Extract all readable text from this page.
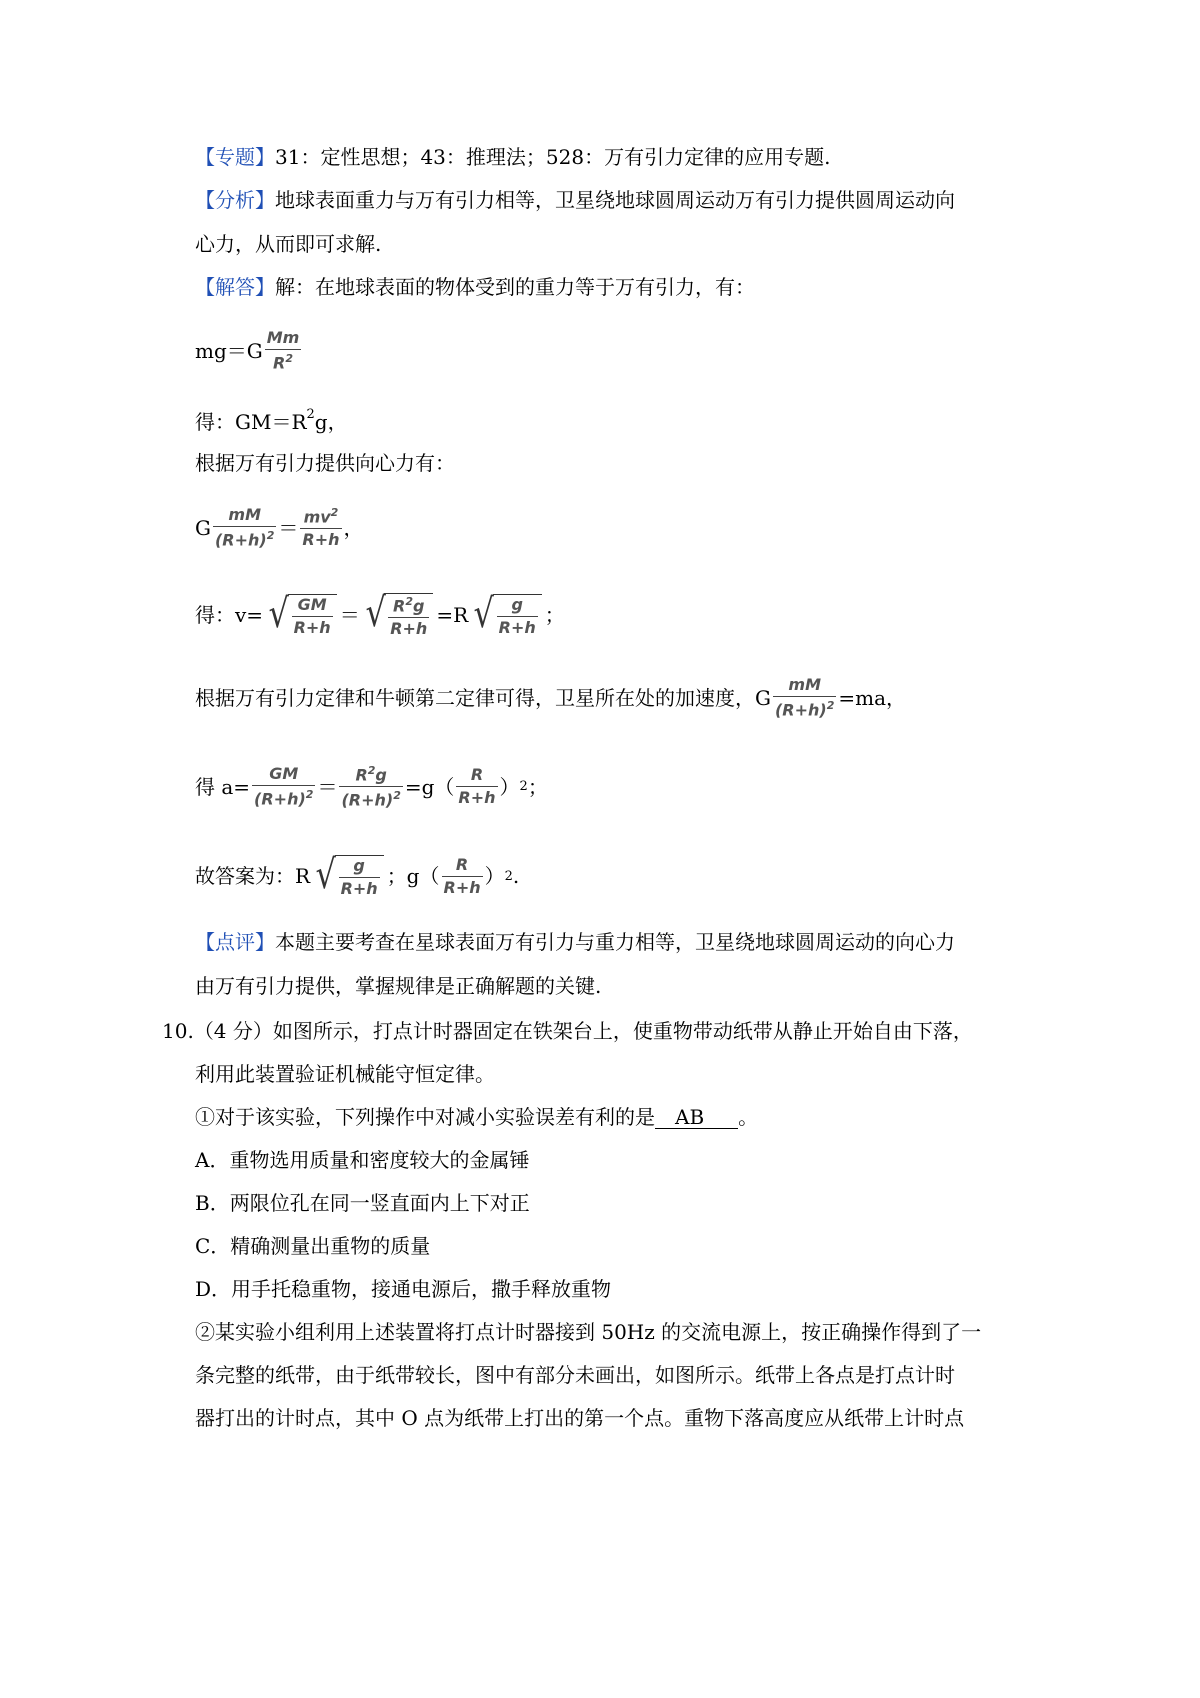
【专题】31：定性思想；43：推理法；528：万有引力定律的应用专题.
【分析】地球表面重力与万有引力相等，卫星绕地球圆周运动万有引力提供圆周运动向
心力，从而即可求解.
【解答】解：在地球表面的物体受到的重力等于万有引力，有：
$mg=G \frac{Mm}{R^2}$
得：$GM=R^2g$，
根据万有引力提供向心力有：
G $\frac{mM}{(R+h)^2} = \frac{mv^2}{R+h}$ ，
得：v= √ $\frac{GM}{R+h}$ ＝ √ $\frac{R^2g}{R+h} =R$ √ $\frac{g}{R+h}$ ；
根据万有引力定律和牛顿第二定律可得，卫星所在处的加速度，G $\frac{mM}{(R+h)^2} =ma$，
得 $a= \frac{GM}{(R+h)^2} = \frac{R^2g}{(R+h)^2} =g( \frac{R}{R+h}$ ） 2 ；
故答案为：R √ $\frac{g}{R+h}$ ；$g( \frac{R}{R+h}$ ） 2 .
【点评】本题主要考查在星球表面万有引力与重力相等，卫星绕地球圆周运动的向心力
由万有引力提供，掌握规律是正确解题的关键.
10.（4 分）如图所示，打点计时器固定在铁架台上，使重物带动纸带从静止开始自由下落，
利用此装置验证机械能守恒定律。
①对于该实验，下列操作中对减小实验误差有利的是 AB 。
A．重物选用质量和密度较大的金属锤
B．两限位孔在同一竖直面内上下对正
C．精确测量出重物的质量
D．用手托稳重物，接通电源后，撒手释放重物
②某实验小组利用上述装置将打点计时器接到 50Hz 的交流电源上，按正确操作得到了一
条完整的纸带，由于纸带较长，图中有部分未画出，如图所示。纸带上各点是打点计时
器打出的计时点，其中 O 点为纸带上打出的第一个点。重物下落高度应从纸带上计时点
